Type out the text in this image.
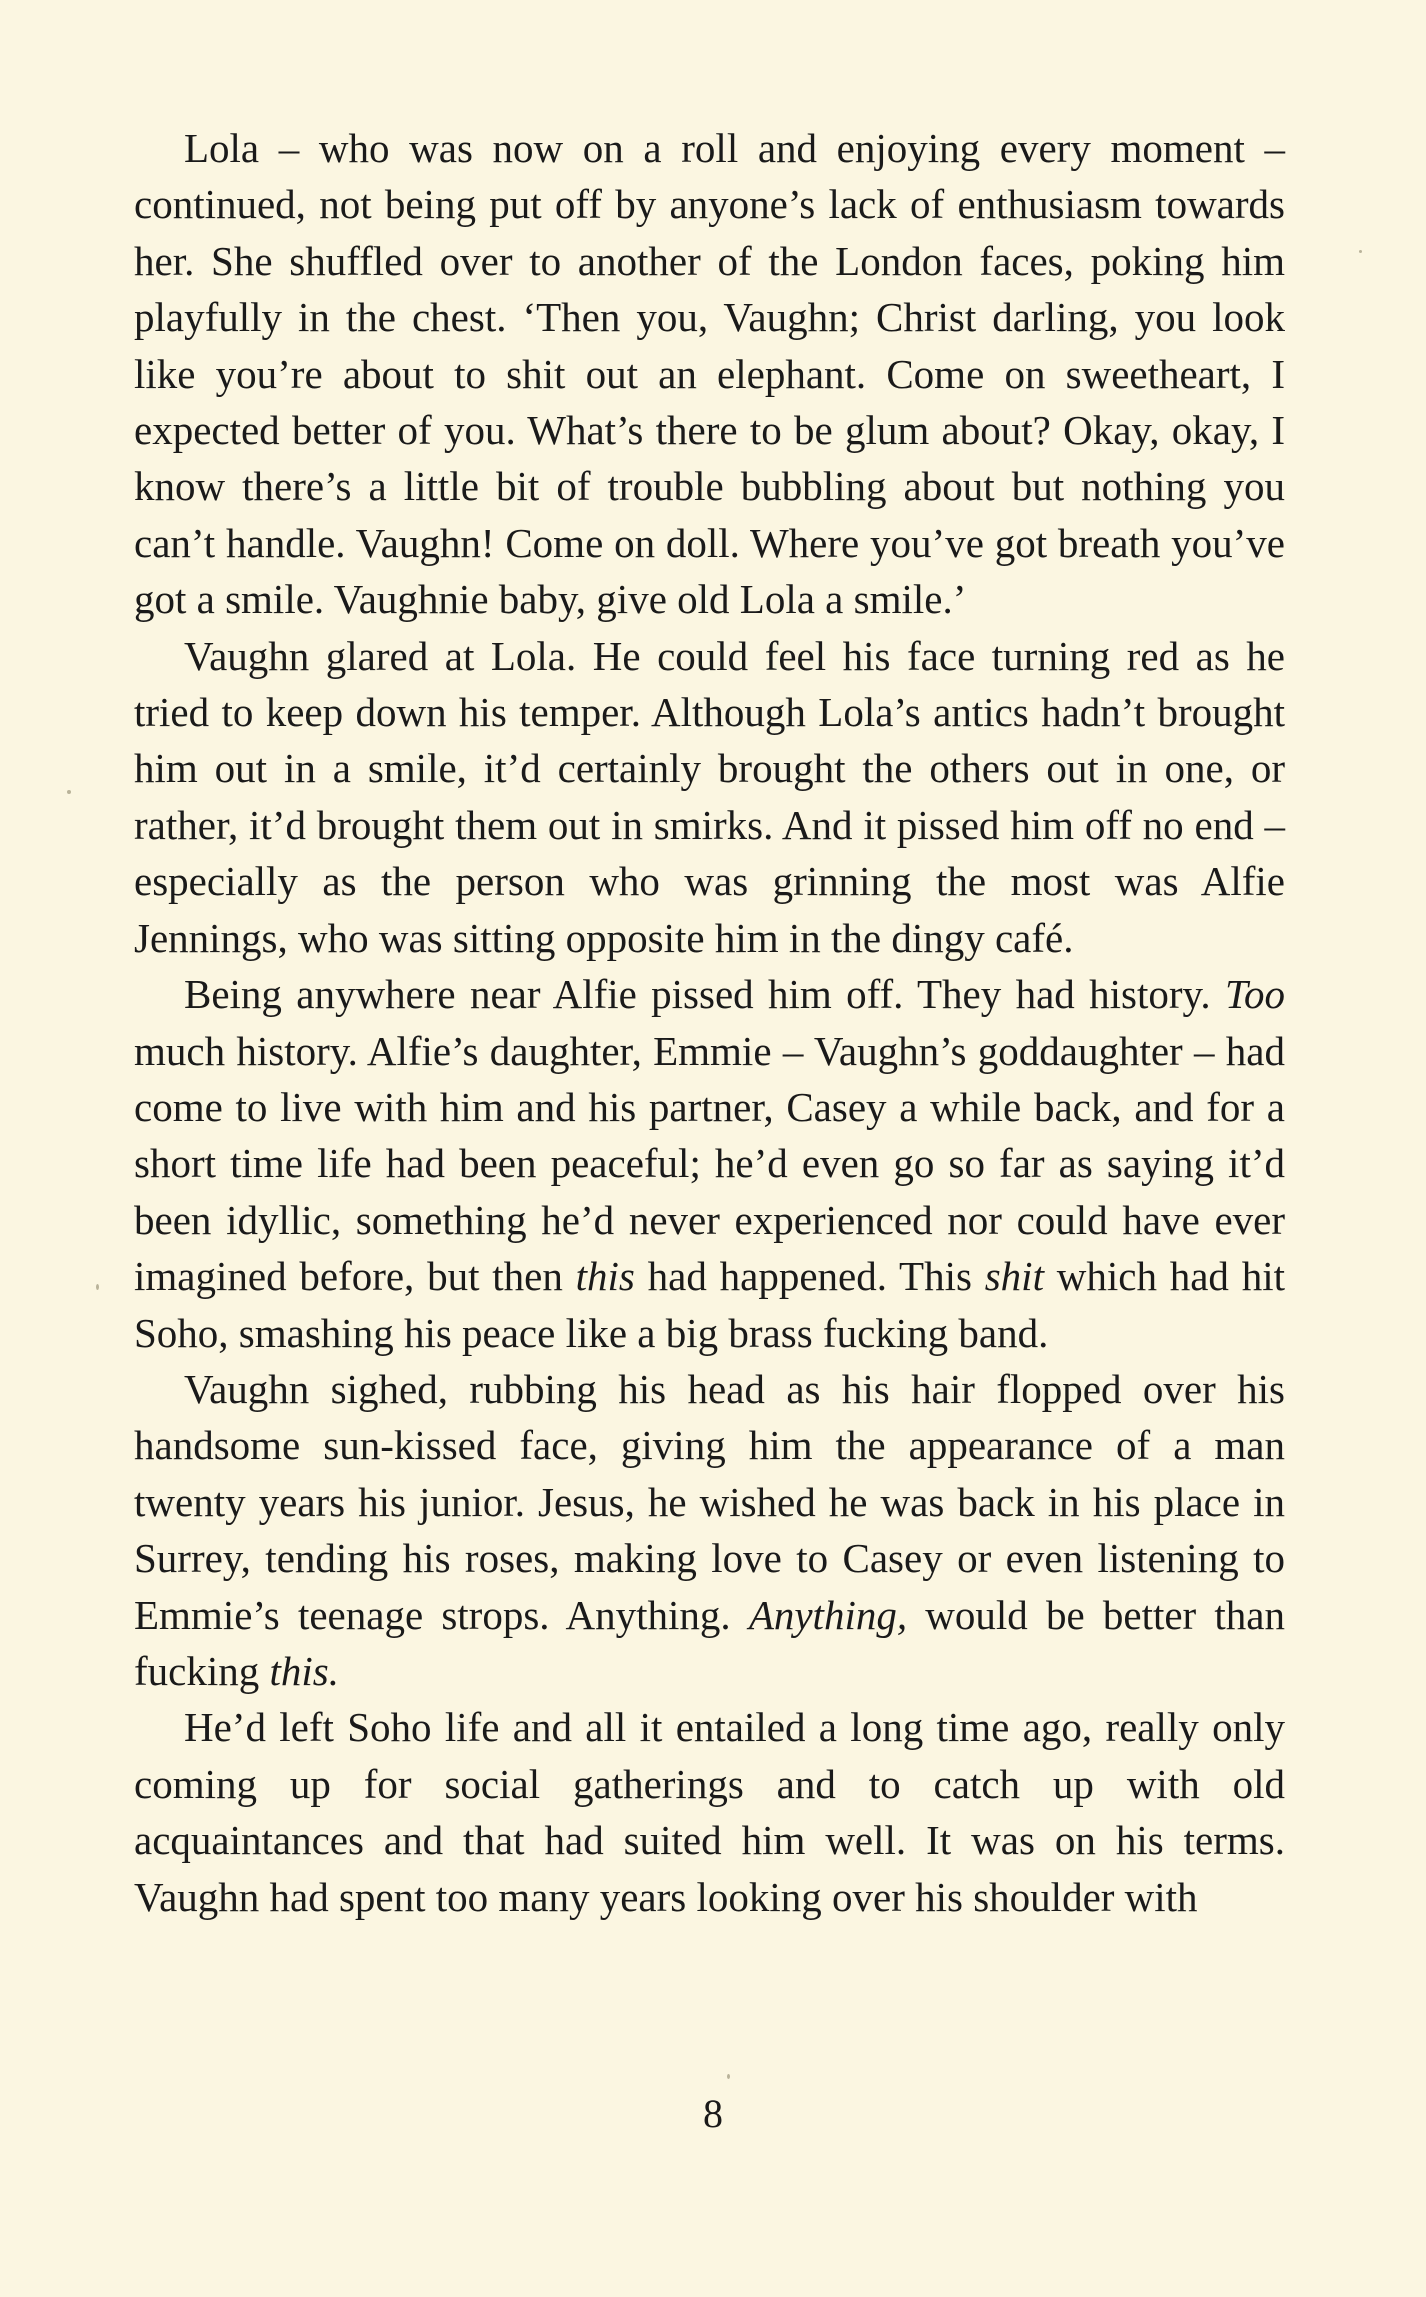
Lola – who was now on a roll and enjoying every moment – continued, not being put off by anyone’s lack of enthusiasm towards her. She shuffled over to another of the London faces, poking him playfully in the chest. ‘Then you, Vaughn; Christ darling, you look like you’re about to shit out an elephant. Come on sweetheart, I expected better of you. What’s there to be glum about? Okay, okay, I know there’s a little bit of trouble bubbling about but nothing you can’t handle. Vaughn! Come on doll. Where you’ve got breath you’ve got a smile. Vaughnie baby, give old Lola a smile.’

Vaughn glared at Lola. He could feel his face turning red as he tried to keep down his temper. Although Lola’s antics hadn’t brought him out in a smile, it’d certainly brought the others out in one, or rather, it’d brought them out in smirks. And it pissed him off no end – especially as the person who was grinning the most was Alfie Jennings, who was sitting opposite him in the dingy café.

Being anywhere near Alfie pissed him off. They had history. Too much history. Alfie’s daughter, Emmie – Vaughn’s goddaughter – had come to live with him and his partner, Casey a while back, and for a short time life had been peaceful; he’d even go so far as saying it’d been idyllic, something he’d never experienced nor could have ever imagined before, but then this had happened. This shit which had hit Soho, smashing his peace like a big brass fucking band.

Vaughn sighed, rubbing his head as his hair flopped over his handsome sun-kissed face, giving him the appearance of a man twenty years his junior. Jesus, he wished he was back in his place in Surrey, tending his roses, making love to Casey or even listening to Emmie’s teenage strops. Anything. Anything, would be better than fucking this.

He’d left Soho life and all it entailed a long time ago, really only coming up for social gatherings and to catch up with old acquaintances and that had suited him well. It was on his terms. Vaughn had spent too many years looking over his shoulder with

8
